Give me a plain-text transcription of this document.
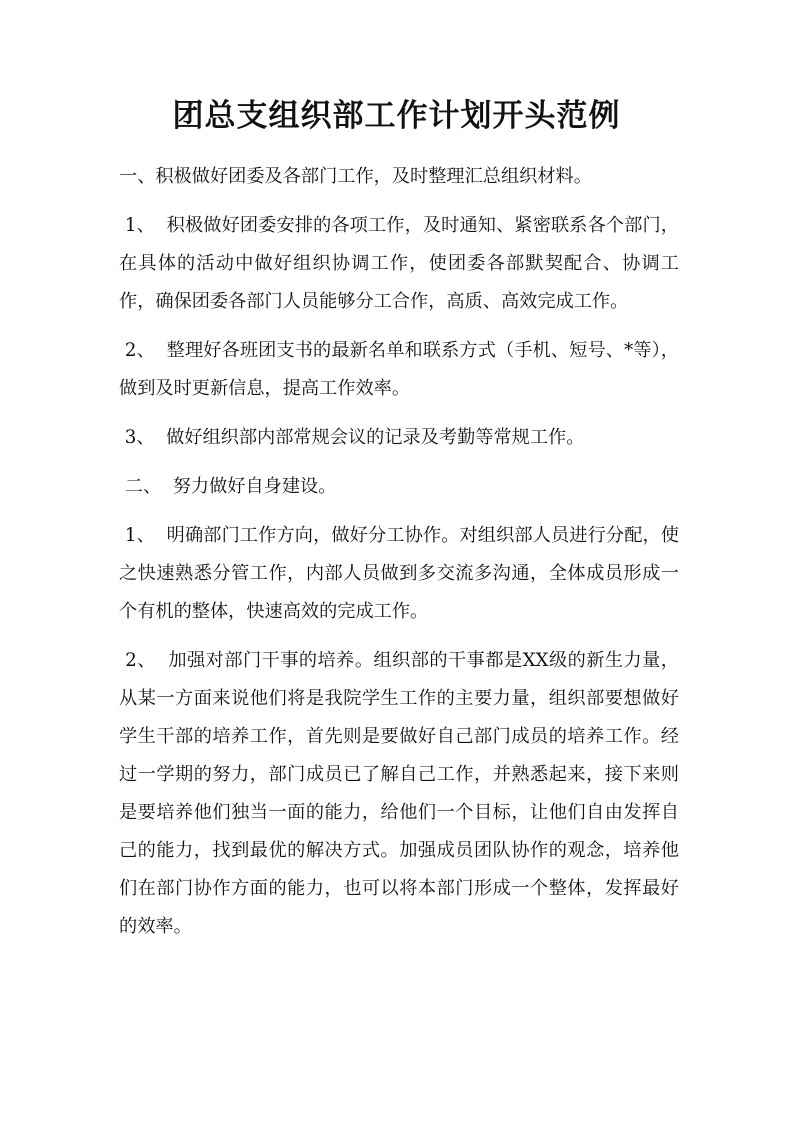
团总支组织部工作计划开头范例

一、积极做好团委及各部门工作，及时整理汇总组织材料。

1、  积极做好团委安排的各项工作，及时通知、紧密联系各个部门，在具体的活动中做好组织协调工作，使团委各部默契配合、协调工作，确保团委各部门人员能够分工合作，高质、高效完成工作。

2、  整理好各班团支书的最新名单和联系方式（手机、短号、*等），做到及时更新信息，提高工作效率。

3、  做好组织部内部常规会议的记录及考勤等常规工作。

二、  努力做好自身建设。

1、  明确部门工作方向，做好分工协作。对组织部人员进行分配，使之快速熟悉分管工作，内部人员做到多交流多沟通，全体成员形成一个有机的整体，快速高效的完成工作。

2、  加强对部门干事的培养。组织部的干事都是XX级的新生力量，从某一方面来说他们将是我院学生工作的主要力量，组织部要想做好学生干部的培养工作，首先则是要做好自己部门成员的培养工作。经过一学期的努力，部门成员已了解自己工作，并熟悉起来，接下来则是要培养他们独当一面的能力，给他们一个目标，让他们自由发挥自己的能力，找到最优的解决方式。加强成员团队协作的观念，培养他们在部门协作方面的能力，也可以将本部门形成一个整体，发挥最好的效率。
